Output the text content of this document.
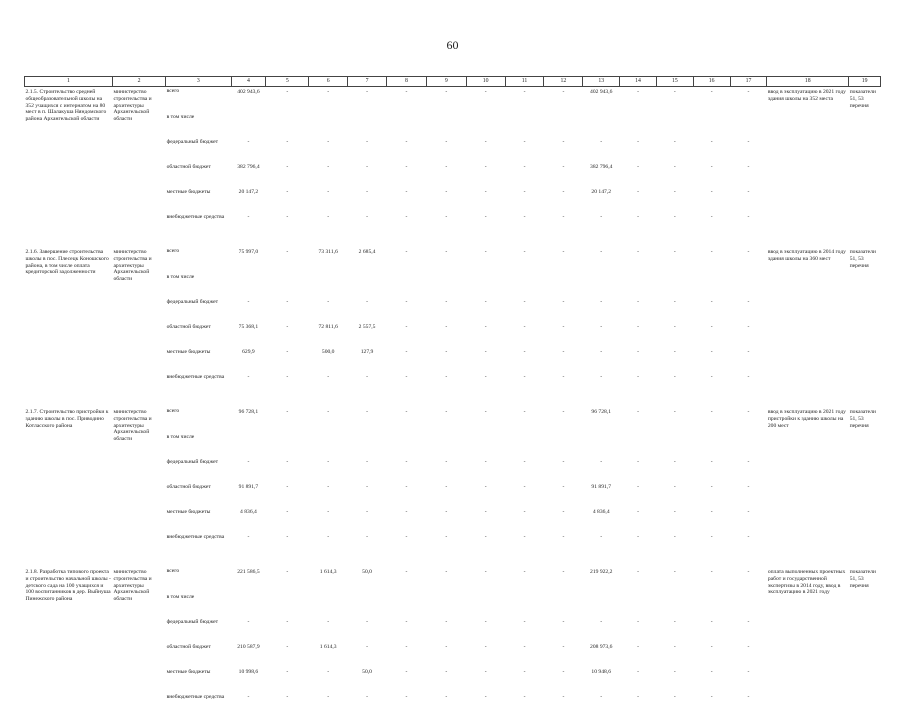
60
1	2	3	4	5	6	7	8	9	10	11	12	13	14	15	16	17	18	19
2.1.5. Строительство средней общеобразовательной школы на 352 учащихся с интернатом на 80 мест в п. Шалакуша Няндомского района Архангельской области	министерство строительства и архитектуры Архангельской области	всего	402 943,6	-	-	-	-	-	-	-	-	402 943,6	-	-	-	-	ввод в эксплуатацию в 2021 году здания школы на 352 места	показатели 51, 53 перечня
		в том числе																
		федеральный бюджет	-	-	-	-	-	-	-	-	-	-	-	-	-	-		
		областной бюджет	382 796,4	-	-	-	-	-	-	-	-	382 796,4	-	-	-	-		
		местные бюджеты	20 147,2	-	-	-	-	-	-	-	-	20 147,2	-	-	-	-		
		внебюджетные средства	-	-	-	-	-	-	-	-	-	-	-	-	-	-		

2.1.6. Завершение строительства школы в пос. Плесецк Коношского района, в том числе оплата кредиторской задолженности	министерство строительства и архитектуры Архангельской области	всего	75 997,0	-	73 311,6	2 685,4	-	-	-	-	-	-	-	-	-	-	ввод в эксплуатацию в 2014 году здания школы на 360 мест	показатели 51, 53 перечня
		в том числе																
		федеральный бюджет	-	-	-	-	-	-	-	-	-	-	-	-	-	-		
		областной бюджет	75 368,1	-	72 811,6	2 557,5	-	-	-	-	-	-	-	-	-	-		
		местные бюджеты	629,9	-	500,0	127,9	-	-	-	-	-	-	-	-	-	-		
		внебюджетные средства	-	-	-	-	-	-	-	-	-	-	-	-	-	-		

2.1.7. Строительство пристройки к зданию школы в пос. Приводино Котласского района	министерство строительства и архитектуры Архангельской области	всего	96 728,1	-	-	-	-	-	-	-	-	96 728,1	-	-	-	-	ввод в эксплуатацию в 2021 году пристройки к зданию школы на 200 мест	показатели 51, 53 перечня
		в том числе																
		федеральный бюджет	-	-	-	-	-	-	-	-	-	-	-	-	-	-		
		областной бюджет	91 891,7	-	-	-	-	-	-	-	-	91 891,7	-	-	-	-		
		местные бюджеты	4 836,4	-	-	-	-	-	-	-	-	4 836,4	-	-	-	-		
		внебюджетные средства	-	-	-	-	-	-	-	-	-	-	-	-	-	-		

2.1.8. Разработка типового проекта и строительство начальной школы - детского сада на 100 учащихся и 100 воспитанников в дер. Выйнуша Пинежского района	министерство строительства и архитектуры Архангельской области	всего	221 586,5	-	1 614,3	50,0	-	-	-	-	-	219 922,2	-	-	-	-	оплата выполненных проектных работ и государственной экспертизы в 2014 году, ввод в эксплуатацию в 2021 году	показатели 51, 53 перечня
		в том числе																
		федеральный бюджет	-	-	-	-	-	-	-	-	-	-	-	-	-	-		
		областной бюджет	210 587,9	-	1 614,3	-	-	-	-	-	-	208 973,6	-	-	-	-		
		местные бюджеты	10 998,6	-	-	50,0	-	-	-	-	-	10 948,6	-	-	-	-		
		внебюджетные средства	-	-	-	-	-	-	-	-	-	-	-	-	-	-		
